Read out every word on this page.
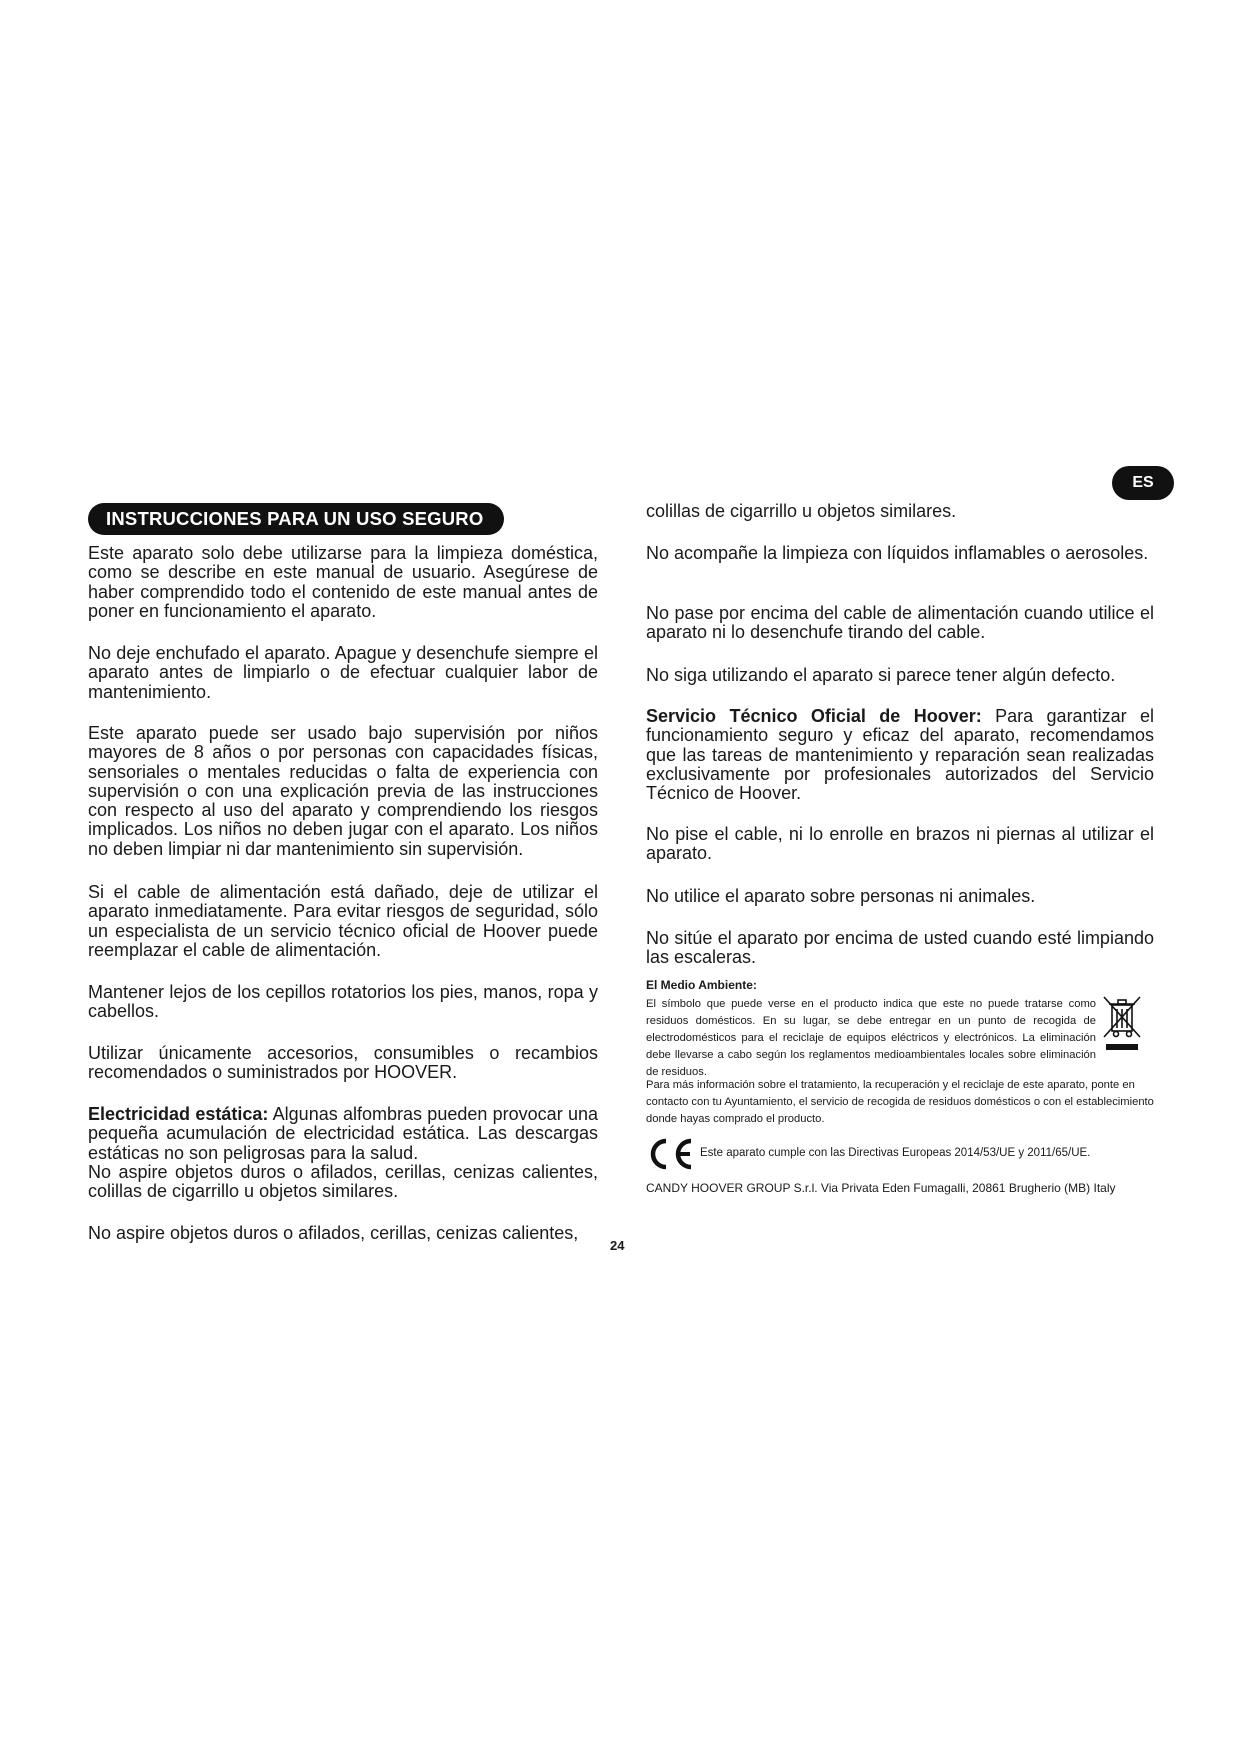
INSTRUCCIONES PARA UN USO SEGURO
ES

Este aparato solo debe utilizarse para la limpieza doméstica, como se describe en este manual de usuario. Asegúrese de haber comprendido todo el contenido de este manual antes de poner en funcionamiento el aparato.

No deje enchufado el aparato. Apague y desenchufe siempre el aparato antes de limpiarlo o de efectuar cualquier labor de mantenimiento.

Este aparato puede ser usado bajo supervisión por niños mayores de 8 años o por personas con capacidades físicas, sensoriales o mentales reducidas o falta de experiencia con supervisión o con una explicación previa de las instrucciones con respecto al uso del aparato y comprendiendo los riesgos implicados. Los niños no deben jugar con el aparato. Los niños no deben limpiar ni dar mantenimiento sin supervisión.

Si el cable de alimentación está dañado, deje de utilizar el aparato inmediatamente. Para evitar riesgos de seguridad, sólo un especialista de un servicio técnico oficial de Hoover puede reemplazar el cable de alimentación.

Mantener lejos de los cepillos rotatorios los pies, manos, ropa y cabellos.

Utilizar únicamente accesorios, consumibles o recambios recomendados o suministrados por HOOVER.

Electricidad estática: Algunas alfombras pueden provocar una pequeña acumulación de electricidad estática. Las descargas estáticas no son peligrosas para la salud.

No aspire objetos duros o afilados, cerillas, cenizas calientes, colillas de cigarrillo u objetos similares.

No aspire objetos duros o afilados, cerillas, cenizas calientes,

colillas de cigarrillo u objetos similares.

No acompañe la limpieza con líquidos inflamables o aerosoles.

No pase por encima del cable de alimentación cuando utilice el aparato ni lo desenchufe tirando del cable.

No siga utilizando el aparato si parece tener algún defecto.

Servicio Técnico Oficial de Hoover: Para garantizar el funcionamiento seguro y eficaz del aparato, recomendamos que las tareas de mantenimiento y reparación sean realizadas exclusivamente por profesionales autorizados del Servicio Técnico de Hoover.

No pise el cable, ni lo enrolle en brazos ni piernas al utilizar el aparato.

No utilice el aparato sobre personas ni animales.

No sitúe el aparato por encima de usted cuando esté limpiando las escaleras.

El Medio Ambiente:

El símbolo que puede verse en el producto indica que este no puede tratarse como residuos domésticos. En su lugar, se debe entregar en un punto de recogida de electrodomésticos para el reciclaje de equipos eléctricos y electrónicos. La eliminación debe llevarse a cabo según los reglamentos medioambientales locales sobre eliminación de residuos.

Para más información sobre el tratamiento, la recuperación y el reciclaje de este aparato, ponte en contacto con tu Ayuntamiento, el servicio de recogida de residuos domésticos o con el establecimiento donde hayas comprado el producto.

Este aparato cumple con las Directivas Europeas 2014/53/UE y 2011/65/UE.

CANDY HOOVER GROUP S.r.l. Via Privata Eden Fumagalli, 20861 Brugherio (MB) Italy

24
